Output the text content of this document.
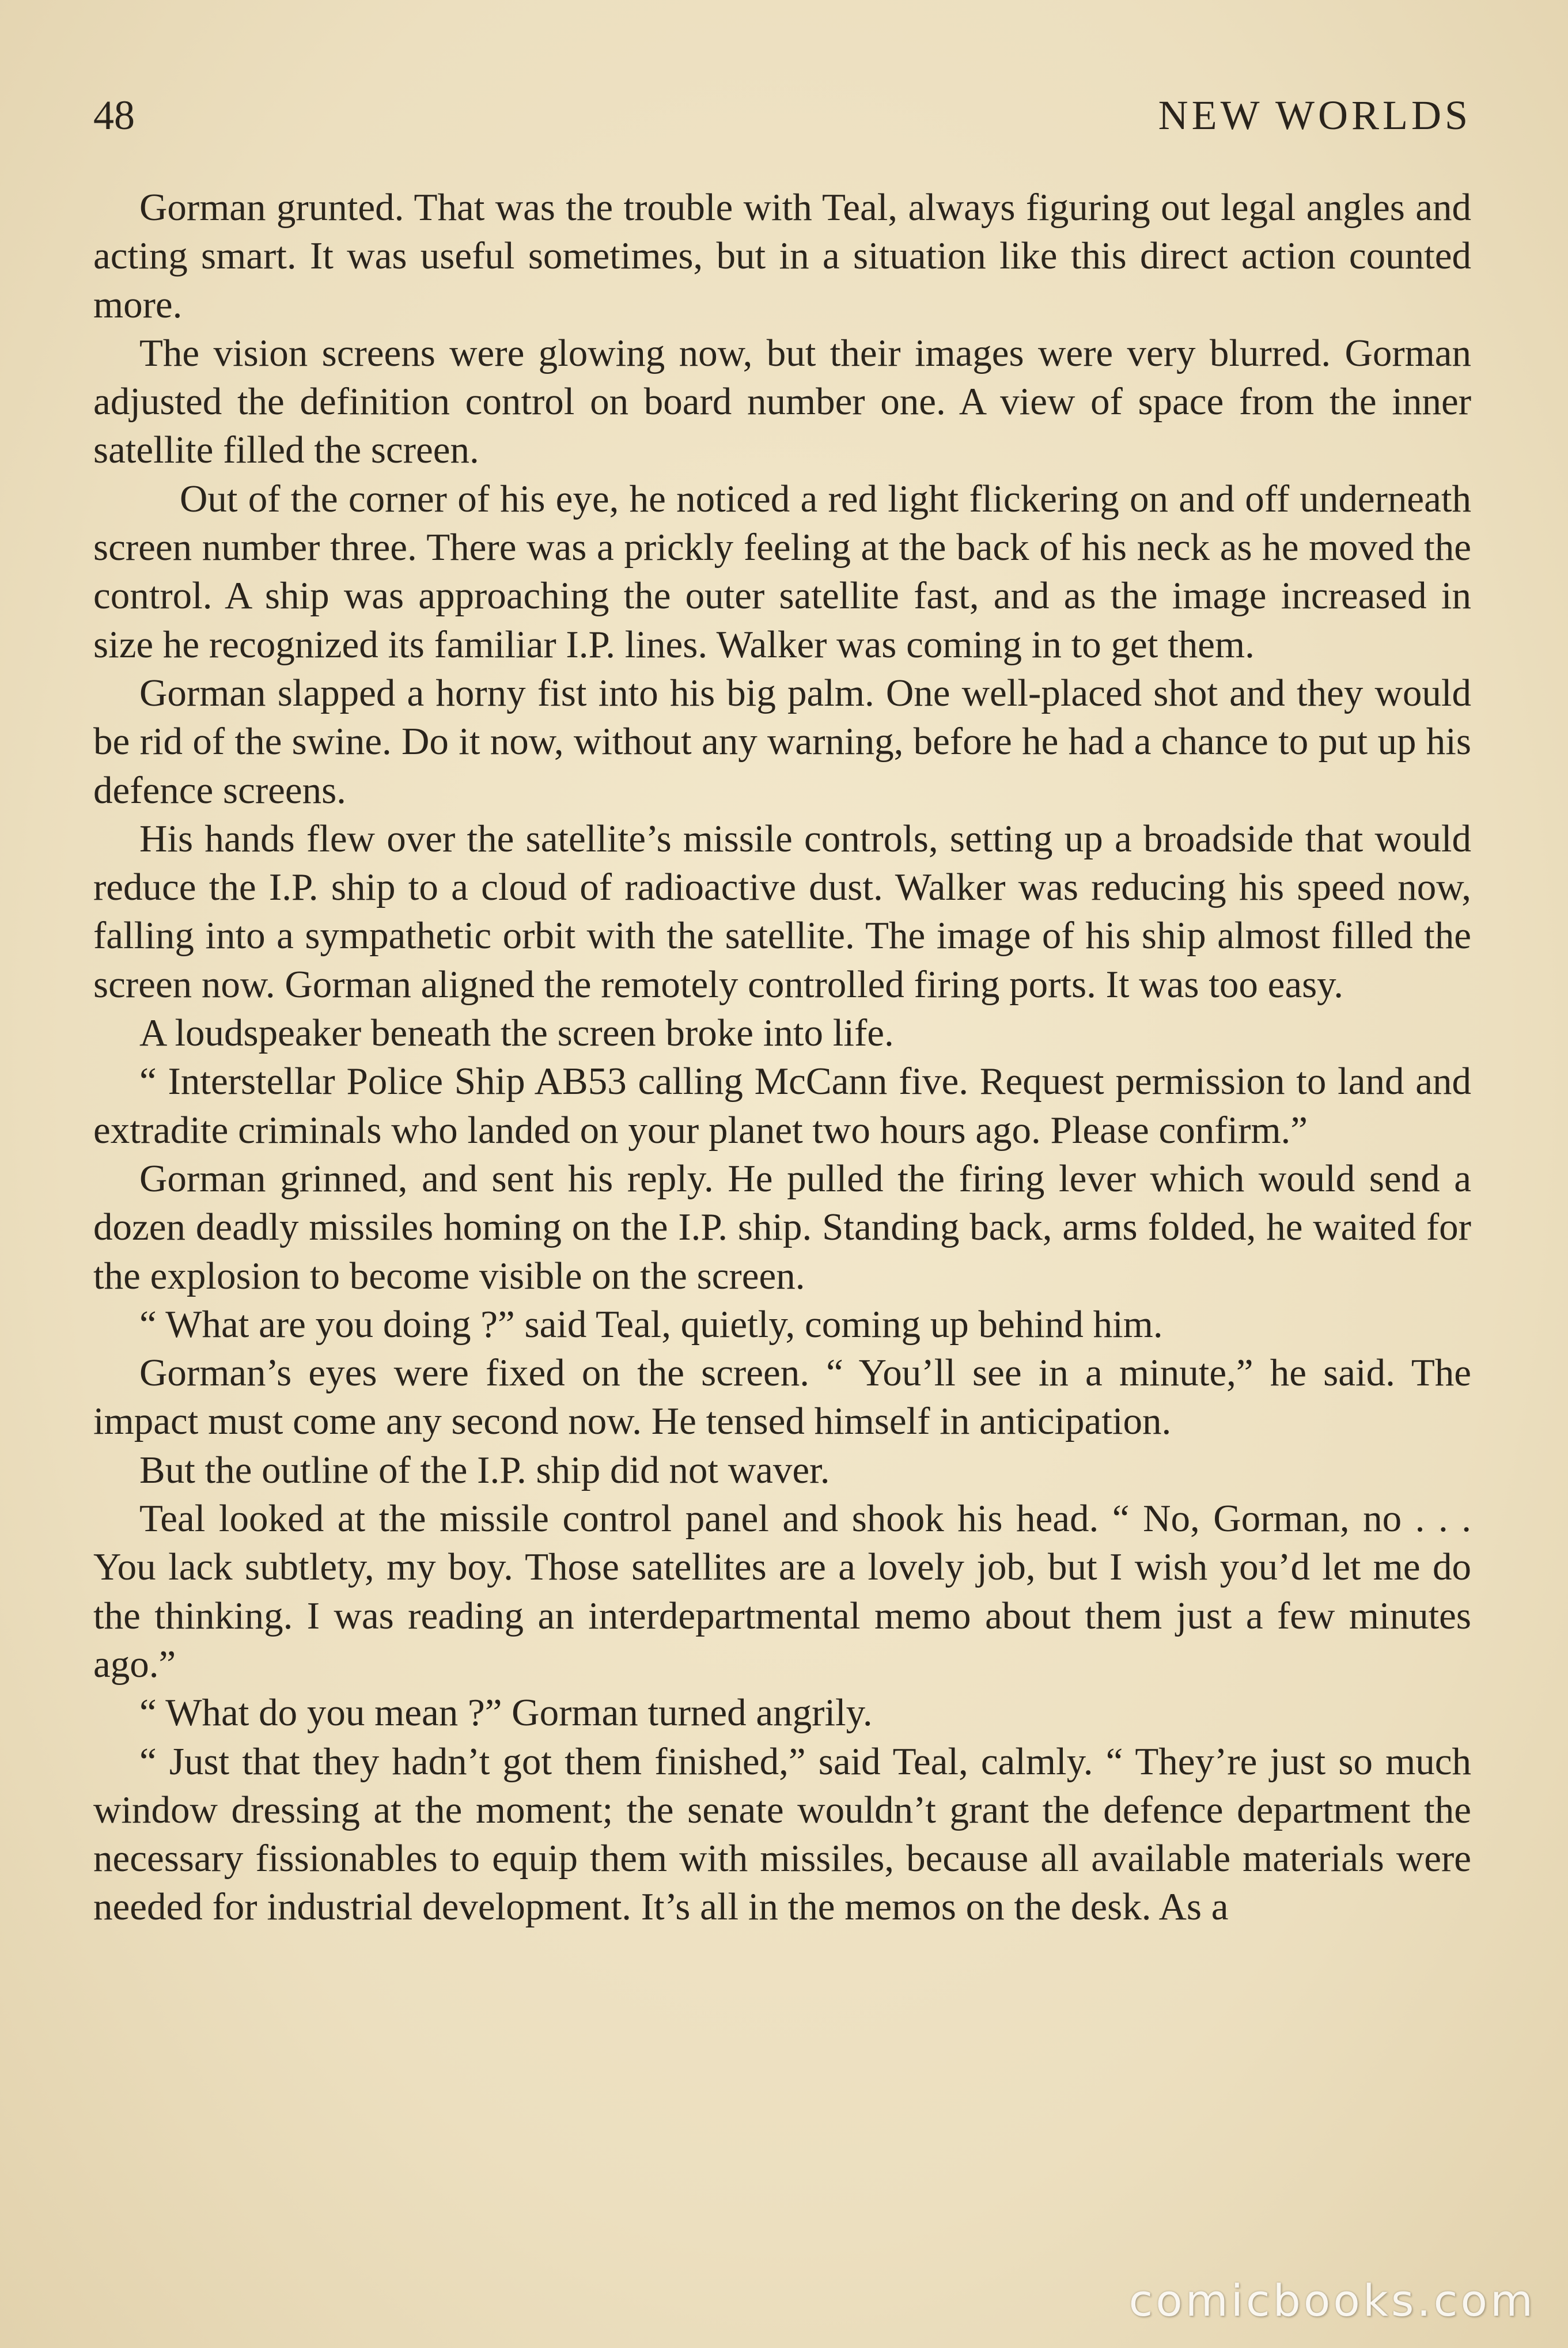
48	NEW WORLDS

Gorman grunted. That was the trouble with Teal, always figuring out legal angles and acting smart. It was useful sometimes, but in a situation like this direct action counted more.

The vision screens were glowing now, but their images were very blurred. Gorman adjusted the definition control on board number one. A view of space from the inner satellite filled the screen.

Out of the corner of his eye, he noticed a red light flickering on and off underneath screen number three. There was a prickly feeling at the back of his neck as he moved the control. A ship was approaching the outer satellite fast, and as the image increased in size he recognized its familiar I.P. lines. Walker was coming in to get them.

Gorman slapped a horny fist into his big palm. One well-placed shot and they would be rid of the swine. Do it now, without any warning, before he had a chance to put up his defence screens.

His hands flew over the satellite’s missile controls, setting up a broadside that would reduce the I.P. ship to a cloud of radioactive dust. Walker was reducing his speed now, falling into a sympathetic orbit with the satellite. The image of his ship almost filled the screen now. Gorman aligned the remotely controlled firing ports. It was too easy.

A loudspeaker beneath the screen broke into life.

“ Interstellar Police Ship AB53 calling McCann five. Request permission to land and extradite criminals who landed on your planet two hours ago. Please confirm.”

Gorman grinned, and sent his reply. He pulled the firing lever which would send a dozen deadly missiles homing on the I.P. ship. Standing back, arms folded, he waited for the explosion to become visible on the screen.

“ What are you doing ?” said Teal, quietly, coming up behind him.

Gorman’s eyes were fixed on the screen. “ You’ll see in a minute,” he said. The impact must come any second now. He tensed himself in anticipation.

But the outline of the I.P. ship did not waver.

Teal looked at the missile control panel and shook his head. “ No, Gorman, no . . . You lack subtlety, my boy. Those satellites are a lovely job, but I wish you’d let me do the thinking. I was reading an interdepartmental memo about them just a few minutes ago.”

“ What do you mean ?” Gorman turned angrily.

“ Just that they hadn’t got them finished,” said Teal, calmly. “ They’re just so much window dressing at the moment; the senate wouldn’t grant the defence department the necessary fissionables to equip them with missiles, because all available materials were needed for industrial development. It’s all in the memos on the desk. As a

comicbooks.com
